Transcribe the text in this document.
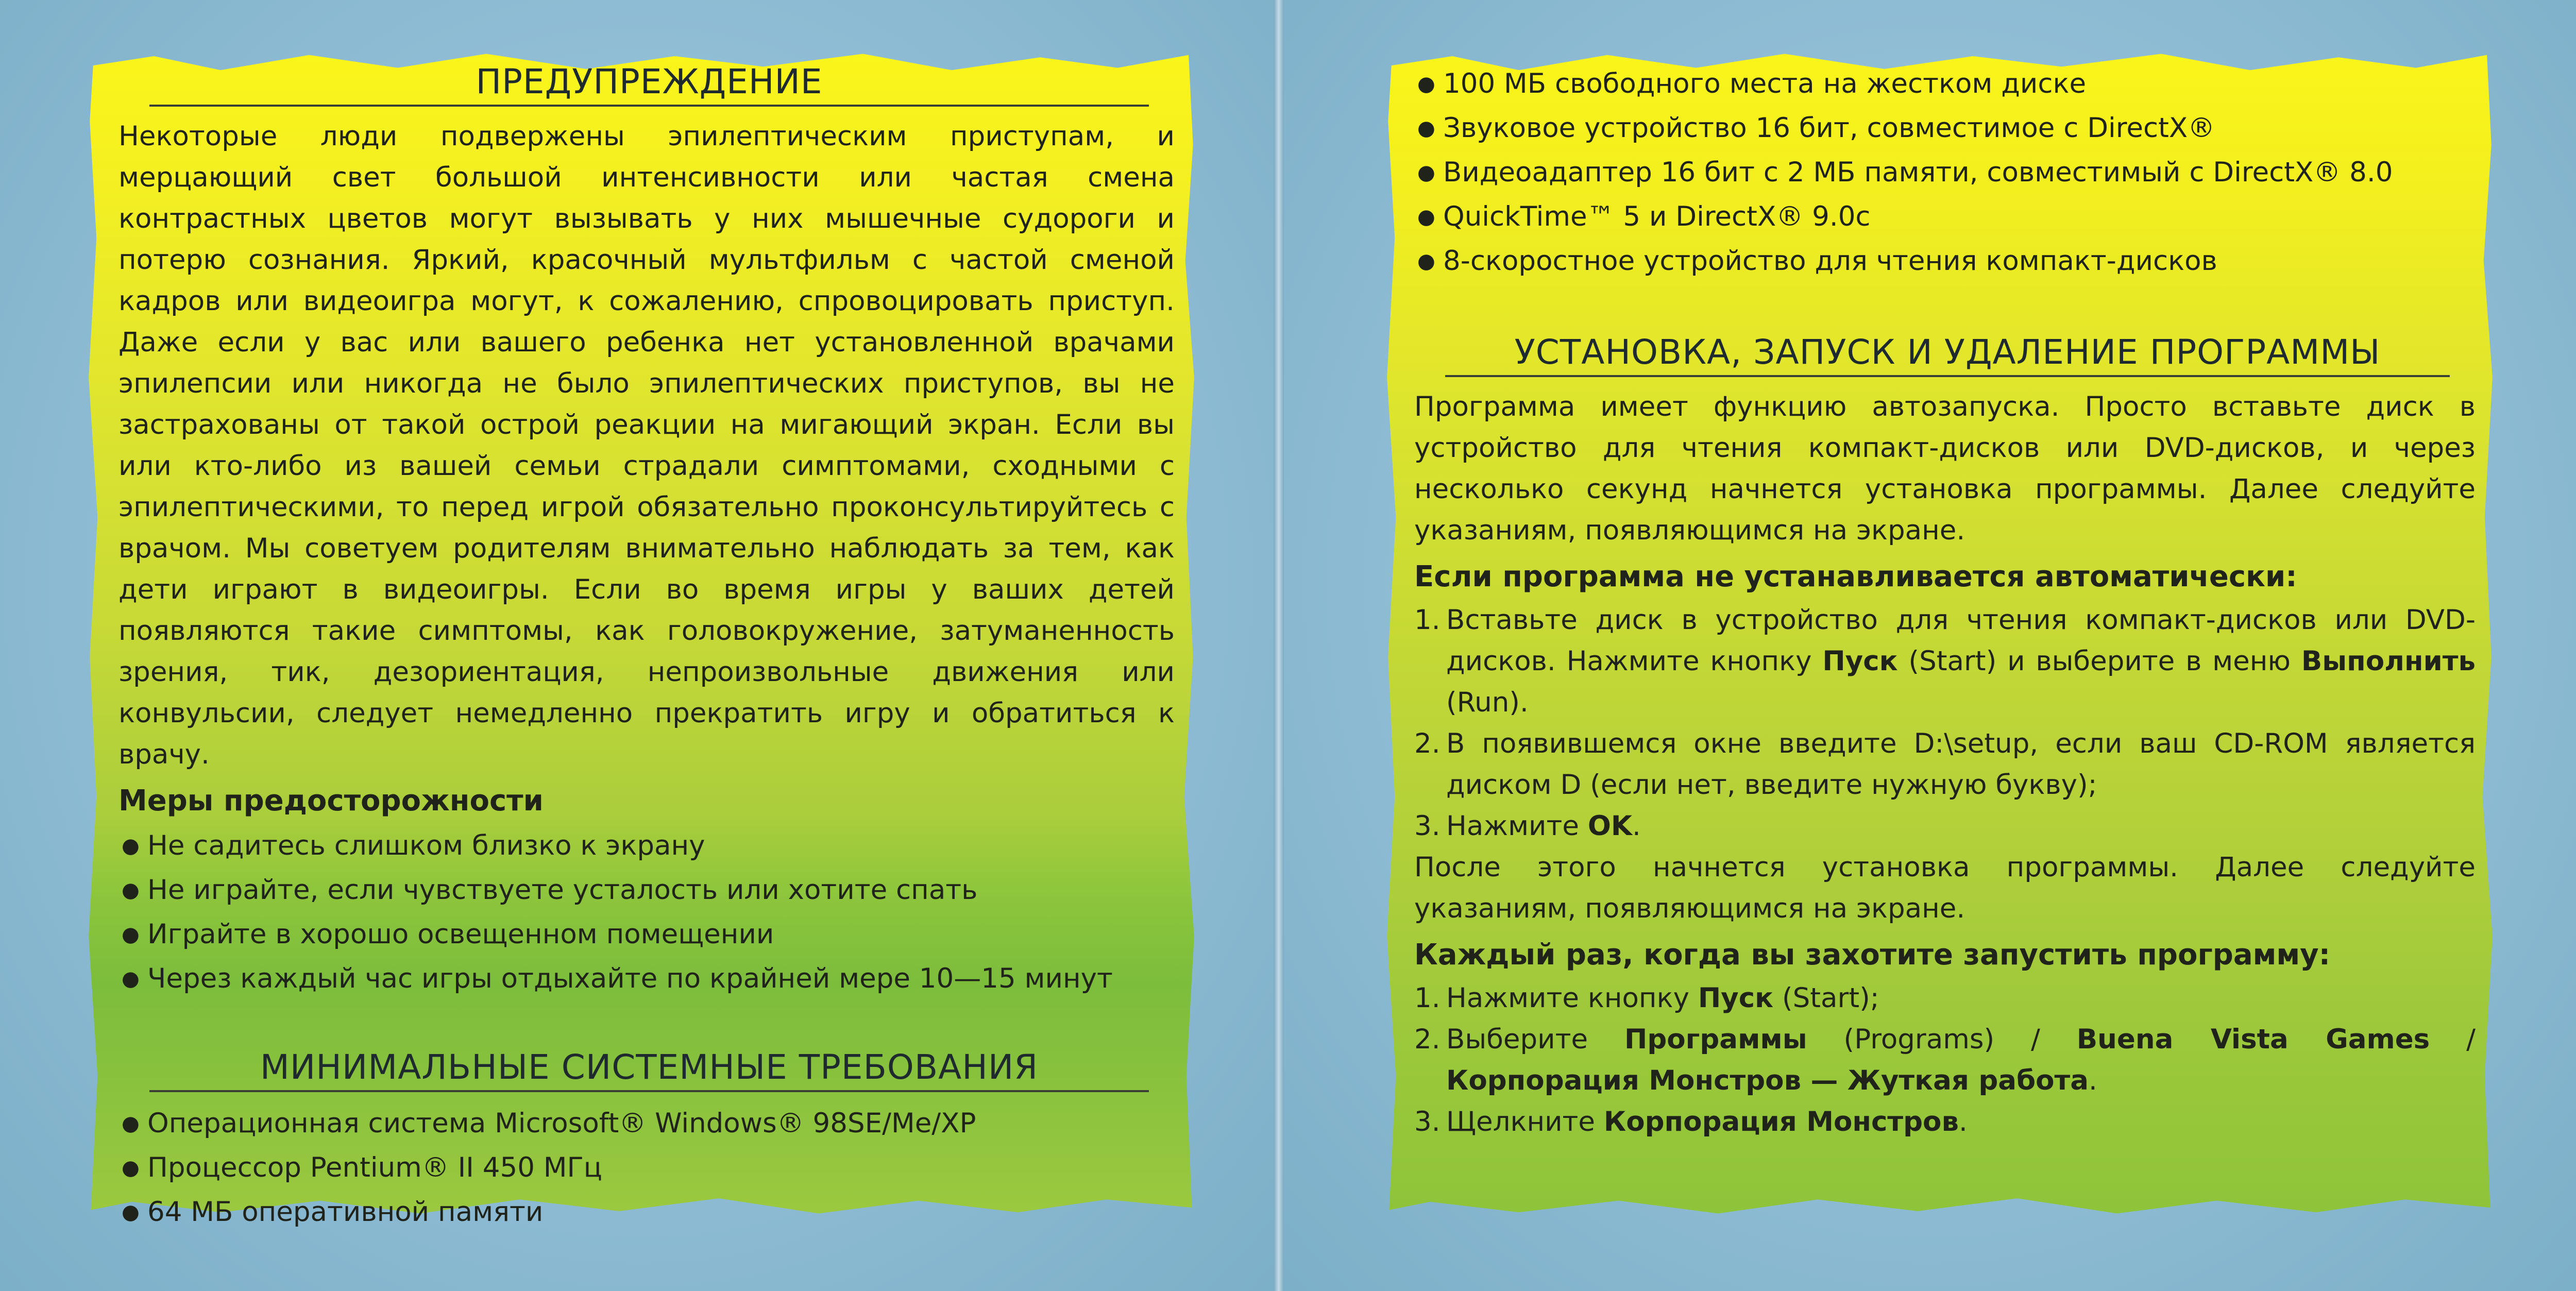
ПРЕДУПРЕЖДЕНИЕ

Некоторые люди подвержены эпилептическим приступам, и мерцающий свет большой интенсивности или частая смена контрастных цветов могут вызывать у них мышечные судороги и потерю сознания. Яркий, красочный мультфильм с частой сменой кадров или видеоигра могут, к сожалению, спровоцировать приступ. Даже если у вас или вашего ребенка нет установленной врачами эпилепсии или никогда не было эпилептических приступов, вы не застрахованы от такой острой реакции на мигающий экран. Если вы или кто-либо из вашей семьи страдали симптомами, сходными с эпилептическими, то перед игрой обязательно проконсультируйтесь с врачом. Мы советуем родителям внимательно наблюдать за тем, как дети играют в видеоигры. Если во время игры у ваших детей появляются такие симптомы, как головокружение, затуманенность зрения, тик, дезориентация, непроизвольные движения или конвульсии, следует немедленно прекратить игру и обратиться к врачу.

Меры предосторожности
● Не садитесь слишком близко к экрану
● Не играйте, если чувствуете усталость или хотите спать
● Играйте в хорошо освещенном помещении
● Через каждый час игры отдыхайте по крайней мере 10—15 минут
МИНИМАЛЬНЫЕ СИСТЕМНЫЕ ТРЕБОВАНИЯ
● Операционная система Microsoft® Windows® 98SE/Me/XP
● Процессор Pentium® II 450 МГц
● 64 МБ оперативной памяти
● 100 МБ свободного места на жестком диске
● Звуковое устройство 16 бит, совместимое с DirectX®
● Видеоадаптер 16 бит с 2 МБ памяти, совместимый с DirectX® 8.0
● QuickTime™ 5 и DirectX® 9.0c
● 8-скоростное устройство для чтения компакт-дисков
УСТАНОВКА, ЗАПУСК И УДАЛЕНИЕ ПРОГРАММЫ

Программа имеет функцию автозапуска. Просто вставьте диск в устройство для чтения компакт-дисков или DVD-дисков, и через несколько секунд начнется установка программы. Далее следуйте указаниям, появляющимся на экране.

Если программа не устанавливается автоматически:
1. Вставьте диск в устройство для чтения компакт-дисков или DVD-дисков. Нажмите кнопку Пуск (Start) и выберите в меню Выполнить (Run).
2. В появившемся окне введите D:\setup, если ваш CD-ROM является диском D (если нет, введите нужную букву);
3. Нажмите OK.

После этого начнется установка программы. Далее следуйте указаниям, появляющимся на экране.

Каждый раз, когда вы захотите запустить программу:
1. Нажмите кнопку Пуск (Start);
2. Выберите Программы (Programs) / Buena Vista Games / Корпорация Монстров — Жуткая работа.
3. Щелкните Корпорация Монстров.
